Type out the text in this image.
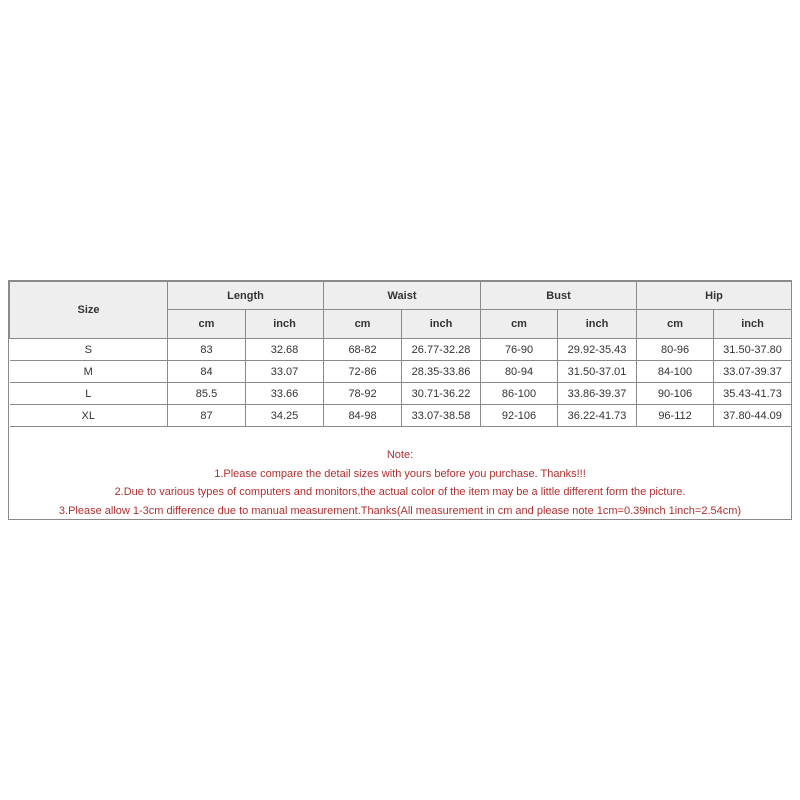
Size	Length		Waist		Bust		Hip	
	cm	inch	cm	inch	cm	inch	cm	inch
S	83	32.68	68-82	26.77-32.28	76-90	29.92-35.43	80-96	31.50-37.80
M	84	33.07	72-86	28.35-33.86	80-94	31.50-37.01	84-100	33.07-39.37
L	85.5	33.66	78-92	30.71-36.22	86-100	33.86-39.37	90-106	35.43-41.73
XL	87	34.25	84-98	33.07-38.58	92-106	36.22-41.73	96-112	37.80-44.09
Note:
1.Please compare the detail sizes with yours before you purchase. Thanks!!!
2.Due to various types of computers and monitors,the actual color of the item may be a little different form the picture.
3.Please allow 1-3cm difference due to manual measurement.Thanks(All measurement in cm and please note 1cm=0.39inch 1inch=2.54cm)
